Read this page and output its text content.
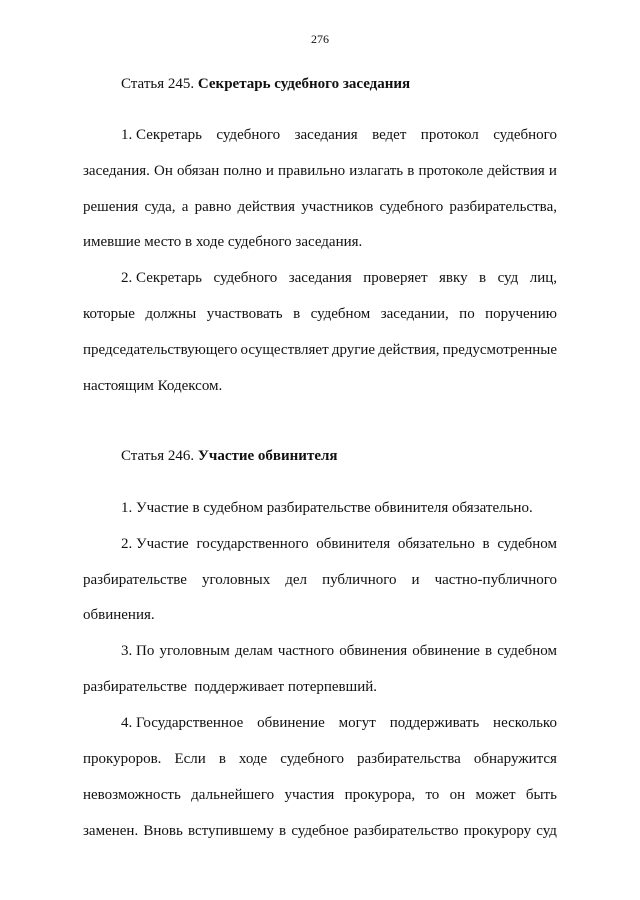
276
Статья 245. Секретарь судебного заседания
1. Секретарь судебного заседания ведет протокол судебного
заседания. Он обязан полно и правильно излагать в протоколе действия и
решения суда, а равно действия участников судебного разбирательства,
имевшие место в ходе судебного заседания.
2. Секретарь судебного заседания проверяет явку в суд лиц,
которые должны участвовать в судебном заседании, по поручению
председательствующего осуществляет другие действия, предусмотренные
настоящим Кодексом.
Статья 246. Участие обвинителя
1. Участие в судебном разбирательстве обвинителя обязательно.
2. Участие государственного обвинителя обязательно в судебном
разбирательстве уголовных дел публичного и частно-публичного
обвинения.
3. По уголовным делам частного обвинения обвинение в судебном
разбирательстве  поддерживает потерпевший.
4. Государственное обвинение могут поддерживать несколько
прокуроров. Если в ходе судебного разбирательства обнаружится
невозможность дальнейшего участия прокурора, то он может быть
заменен. Вновь вступившему в судебное разбирательство прокурору суд
